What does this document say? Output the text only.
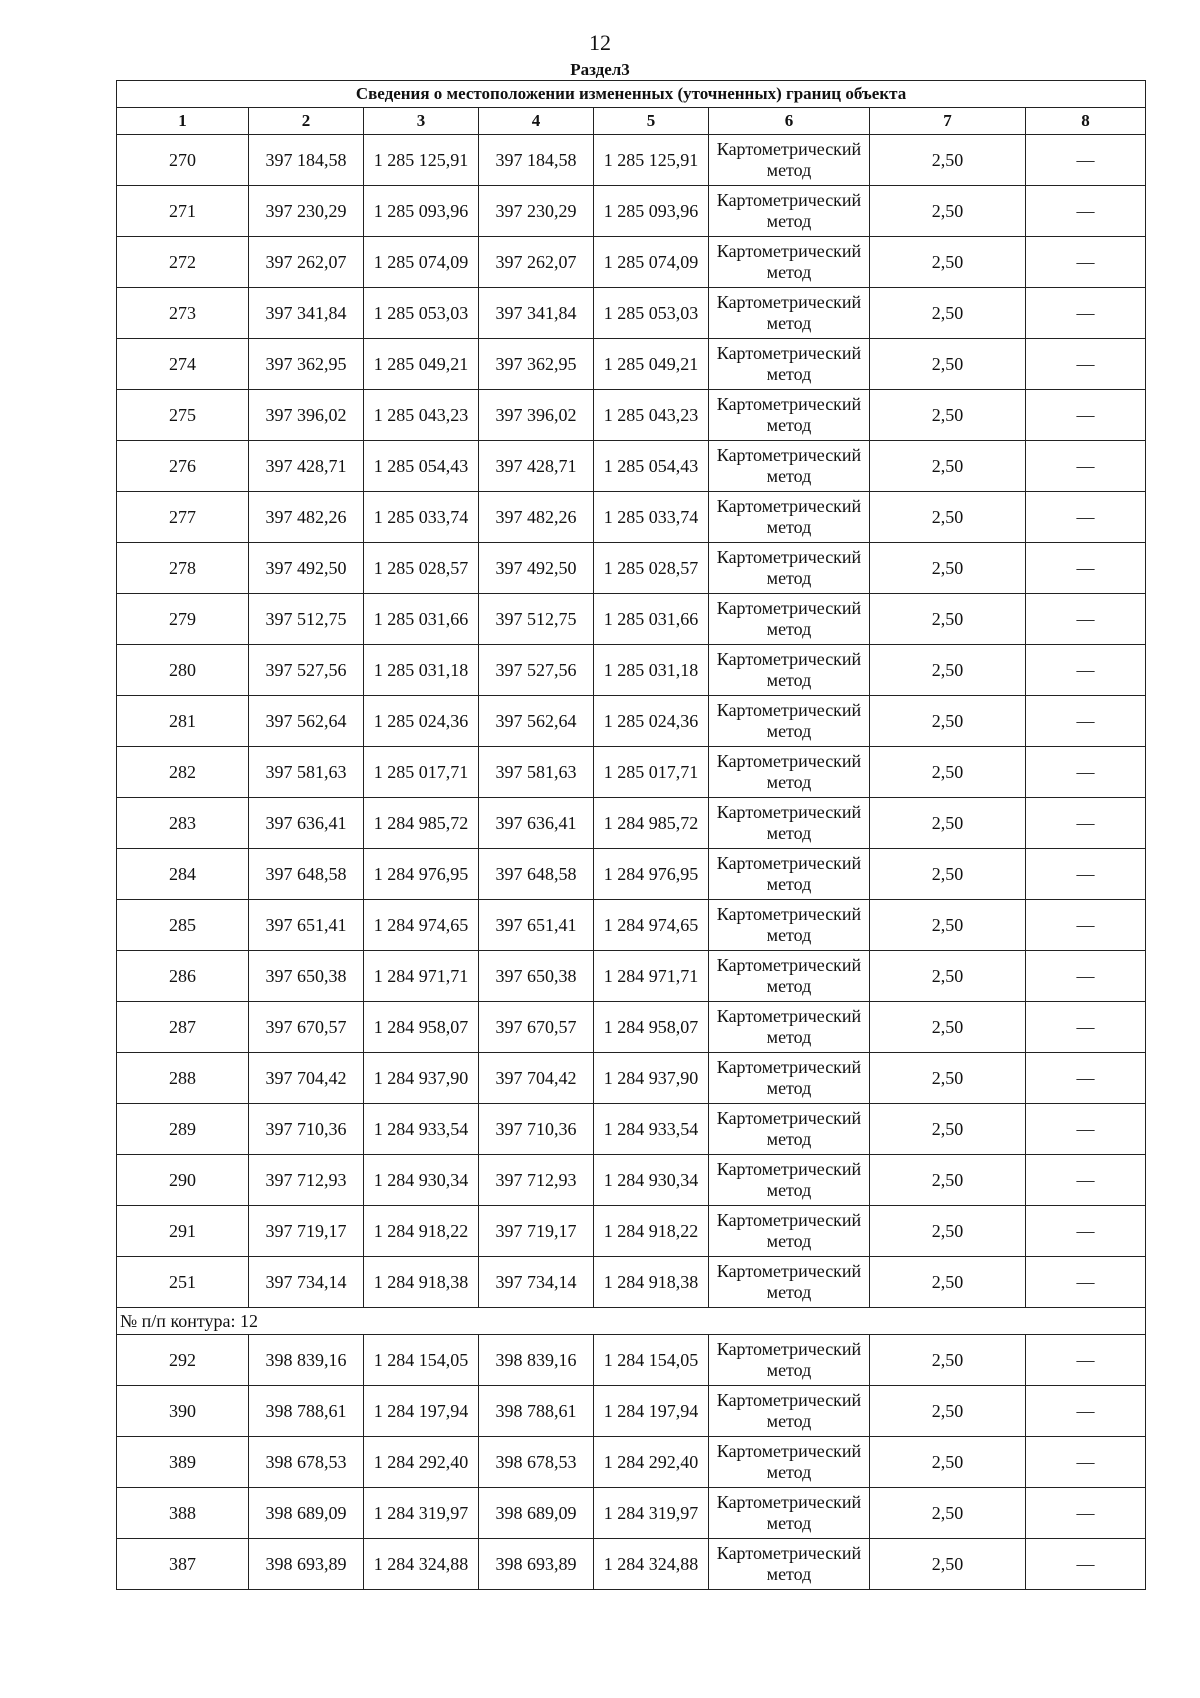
12
Раздел3
Сведения о местоположении измененных (уточненных) границ объекта							
1	2	3	4	5	6	7	8
270	397 184,58	1 285 125,91	397 184,58	1 285 125,91	Картометрический метод	2,50	—
271	397 230,29	1 285 093,96	397 230,29	1 285 093,96	Картометрический метод	2,50	—
272	397 262,07	1 285 074,09	397 262,07	1 285 074,09	Картометрический метод	2,50	—
273	397 341,84	1 285 053,03	397 341,84	1 285 053,03	Картометрический метод	2,50	—
274	397 362,95	1 285 049,21	397 362,95	1 285 049,21	Картометрический метод	2,50	—
275	397 396,02	1 285 043,23	397 396,02	1 285 043,23	Картометрический метод	2,50	—
276	397 428,71	1 285 054,43	397 428,71	1 285 054,43	Картометрический метод	2,50	—
277	397 482,26	1 285 033,74	397 482,26	1 285 033,74	Картометрический метод	2,50	—
278	397 492,50	1 285 028,57	397 492,50	1 285 028,57	Картометрический метод	2,50	—
279	397 512,75	1 285 031,66	397 512,75	1 285 031,66	Картометрический метод	2,50	—
280	397 527,56	1 285 031,18	397 527,56	1 285 031,18	Картометрический метод	2,50	—
281	397 562,64	1 285 024,36	397 562,64	1 285 024,36	Картометрический метод	2,50	—
282	397 581,63	1 285 017,71	397 581,63	1 285 017,71	Картометрический метод	2,50	—
283	397 636,41	1 284 985,72	397 636,41	1 284 985,72	Картометрический метод	2,50	—
284	397 648,58	1 284 976,95	397 648,58	1 284 976,95	Картометрический метод	2,50	—
285	397 651,41	1 284 974,65	397 651,41	1 284 974,65	Картометрический метод	2,50	—
286	397 650,38	1 284 971,71	397 650,38	1 284 971,71	Картометрический метод	2,50	—
287	397 670,57	1 284 958,07	397 670,57	1 284 958,07	Картометрический метод	2,50	—
288	397 704,42	1 284 937,90	397 704,42	1 284 937,90	Картометрический метод	2,50	—
289	397 710,36	1 284 933,54	397 710,36	1 284 933,54	Картометрический метод	2,50	—
290	397 712,93	1 284 930,34	397 712,93	1 284 930,34	Картометрический метод	2,50	—
291	397 719,17	1 284 918,22	397 719,17	1 284 918,22	Картометрический метод	2,50	—
251	397 734,14	1 284 918,38	397 734,14	1 284 918,38	Картометрический метод	2,50	—
№ п/п контура: 12							
292	398 839,16	1 284 154,05	398 839,16	1 284 154,05	Картометрический метод	2,50	—
390	398 788,61	1 284 197,94	398 788,61	1 284 197,94	Картометрический метод	2,50	—
389	398 678,53	1 284 292,40	398 678,53	1 284 292,40	Картометрический метод	2,50	—
388	398 689,09	1 284 319,97	398 689,09	1 284 319,97	Картометрический метод	2,50	—
387	398 693,89	1 284 324,88	398 693,89	1 284 324,88	Картометрический метод	2,50	—
